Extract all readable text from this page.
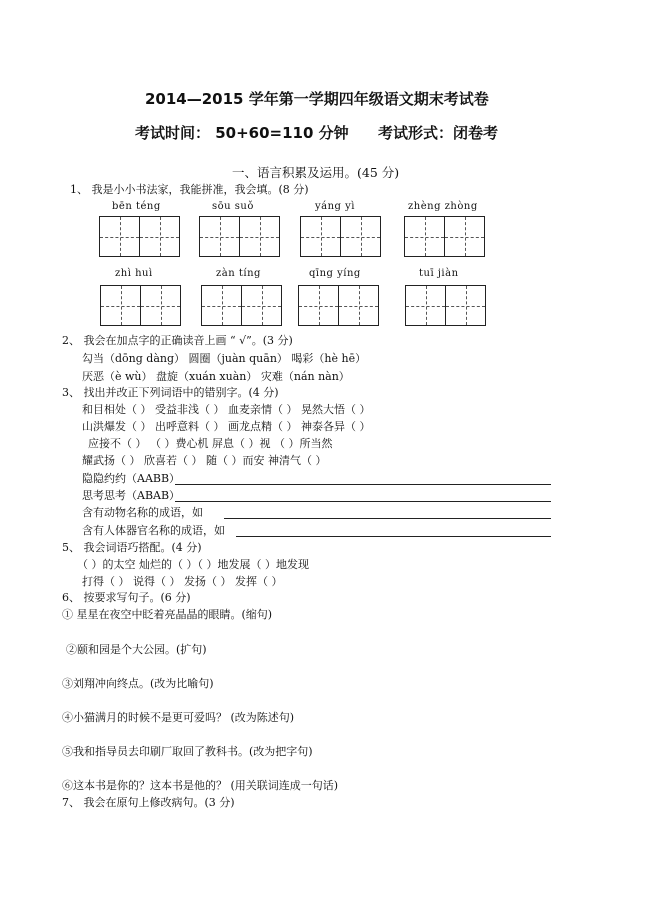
2014—2015 学年第一学期四年级语文期末考试卷
考试时间： 50+60=110 分钟 考试形式：闭卷考
一、语言积累及运用。(45 分)
1、 我是小小书法家，我能拼准，我会填。(8 分)
bēn téng	sōu suǒ	yáng yì	zhèng zhòng
zhì huì	zàn tíng	qīng yíng	tuī jiàn
2、 我会在加点字的正确读音上画 “ √”。(3 分)
勾当（dōng dàng） 圆圈（juàn quān） 喝彩（hè hē）
厌恶（è wù） 盘旋（xuán xuàn） 灾难（nán nàn）
3、 找出并改正下列词语中的错别字。(4 分)
和目相处（ ） 受益非浅（ ） 血麦亲情（ ） 晃然大悟（ ）
山洪爆发（ ） 出呼意料（ ） 画龙点精（ ） 神泰各异（ ）
应接不（ ） （ ）费心机 屏息（ ）视 （ ）所当然
耀武扬（ ） 欣喜若（ ） 随（ ）而安 神清气（ ）
隐隐约约（AABB）
思考思考（ABAB）
含有动物名称的成语，如
含有人体器官名称的成语，如
5、 我会词语巧搭配。(4 分)
（ ）的太空 灿烂的（ ）（ ）地发展（ ）地发现
打得（ ） 说得（ ） 发扬（ ） 发挥（ ）
6、 按要求写句子。(6 分)
① 星星在夜空中眨着亮晶晶的眼睛。(缩句)
②颐和园是个大公园。(扩句)
③刘翔冲向终点。(改为比喻句)
④小猫满月的时候不是更可爱吗？ (改为陈述句)
⑤我和指导员去印刷厂取回了教科书。(改为把字句)
⑥这本书是你的？这本书是他的？ (用关联词连成一句话)
7、 我会在原句上修改病句。(3 分)
